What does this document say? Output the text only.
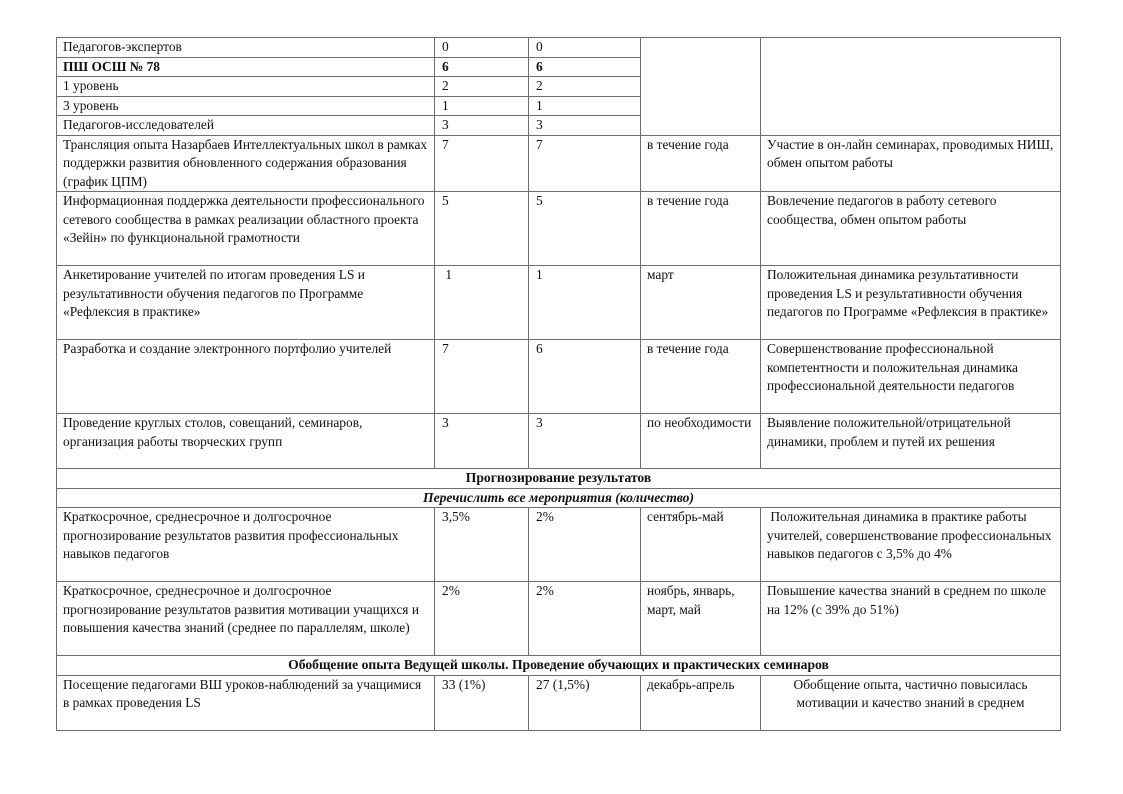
Педагогов-экспертов	0	0		
ПШ ОСШ № 78	6	6		
1 уровень	2	2		
3 уровень	1	1		
Педагогов-исследователей	3	3		
Трансляция опыта Назарбаев Интеллектуальных школ в рамках поддержки развития обновленного содержания образования (график ЦПМ)	7	7	в течение года	Участие в он-лайн семинарах, проводимых НИШ, обмен опытом работы
Информационная поддержка деятельности профессионального сетевого сообщества в рамках реализации областного проекта «Зейін» по функциональной грамотности	5	5	в течение года	Вовлечение педагогов в работу сетевого сообщества, обмен опытом работы
Анкетирование учителей по итогам проведения LS и результативности обучения педагогов по Программе «Рефлексия в практике»	1	1	март	Положительная динамика результативности проведения LS и результативности обучения педагогов по Программе «Рефлексия в практике»
Разработка и создание электронного портфолио учителей	7	6	в течение года	Совершенствование профессиональной компетентности и положительная динамика профессиональной деятельности педагогов
Проведение круглых столов, совещаний, семинаров, организация работы творческих групп	3	3	по необходимости	Выявление положительной/отрицательной динамики, проблем и путей их решения
Прогнозирование результатов				
Перечислить все мероприятия (количество)				
Краткосрочное, среднесрочное и долгосрочное прогнозирование результатов развития профессиональных навыков педагогов	3,5%	2%	сентябрь-май	Положительная динамика в практике работы учителей, совершенствование профессиональных навыков педагогов с 3,5% до 4%
Краткосрочное, среднесрочное и долгосрочное прогнозирование результатов развития мотивации учащихся и повышения качества знаний (среднее по параллелям, школе)	2%	2%	ноябрь, январь, март, май	Повышение качества знаний в среднем по школе на 12% (с 39% до 51%)
Обобщение опыта Ведущей школы. Проведение обучающих и практических семинаров				
Посещение педагогами ВШ уроков-наблюдений за учащимися в рамках проведения LS	33 (1%)	27 (1,5%)	декабрь-апрель	Обобщение опыта, частично повысилась мотивации и качество знаний в среднем
